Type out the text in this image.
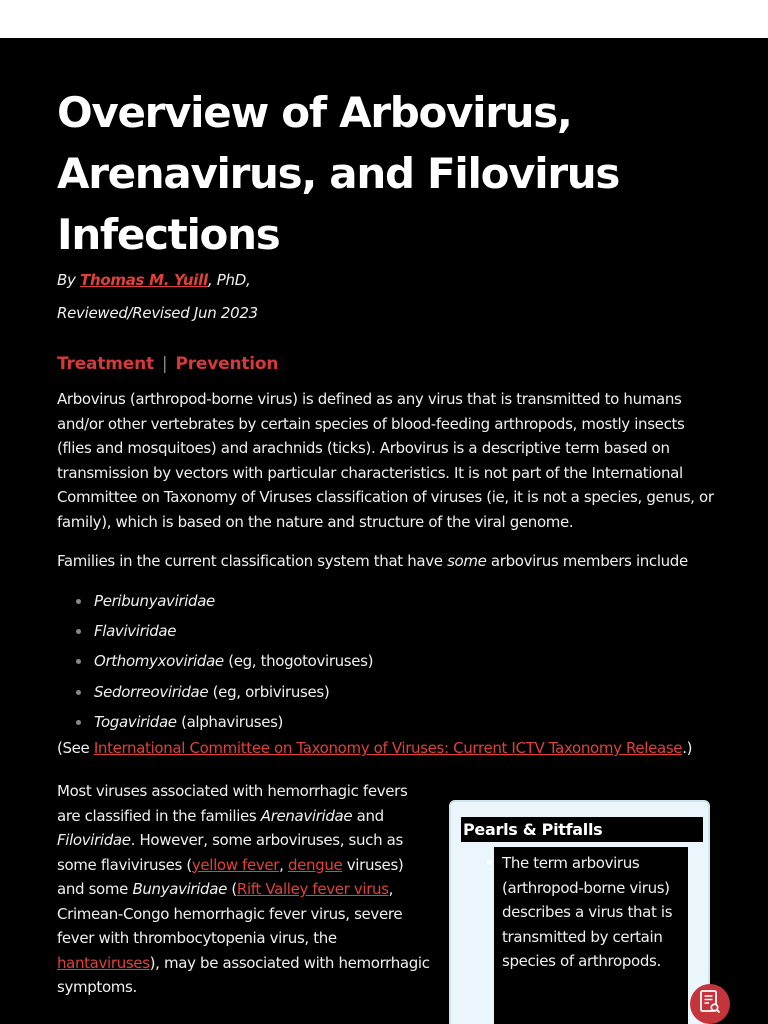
Overview of Arbovirus, Arenavirus, and Filovirus Infections
By Thomas M. Yuill, PhD,
Reviewed/Revised Jun 2023
Treatment | Prevention

Arbovirus (arthropod-borne virus) is defined as any virus that is transmitted to humans and/or other vertebrates by certain species of blood-feeding arthropods, mostly insects (flies and mosquitoes) and arachnids (ticks). Arbovirus is a descriptive term based on transmission by vectors with particular characteristics. It is not part of the International Committee on Taxonomy of Viruses classification of viruses (ie, it is not a species, genus, or family), which is based on the nature and structure of the viral genome.

Families in the current classification system that have some arbovirus members include

Peribunyaviridae
Flaviviridae
Orthomyxoviridae (eg, thogotoviruses)
Sedorreoviridae (eg, orbiviruses)
Togaviridae (alphaviruses)
(See International Committee on Taxonomy of Viruses: Current ICTV Taxonomy Release.)

Most viruses associated with hemorrhagic fevers are classified in the families Arenaviridae and Filoviridae. However, some arboviruses, such as some flaviviruses (yellow fever, dengue viruses) and some Bunyaviridae (Rift Valley fever virus, Crimean-Congo hemorrhagic fever virus, severe fever with thrombocytopenia virus, the hantaviruses), may be associated with hemorrhagic symptoms.

Pearls & Pitfalls
The term arbovirus (arthropod-borne virus) describes a virus that is transmitted by certain species of arthropods.
